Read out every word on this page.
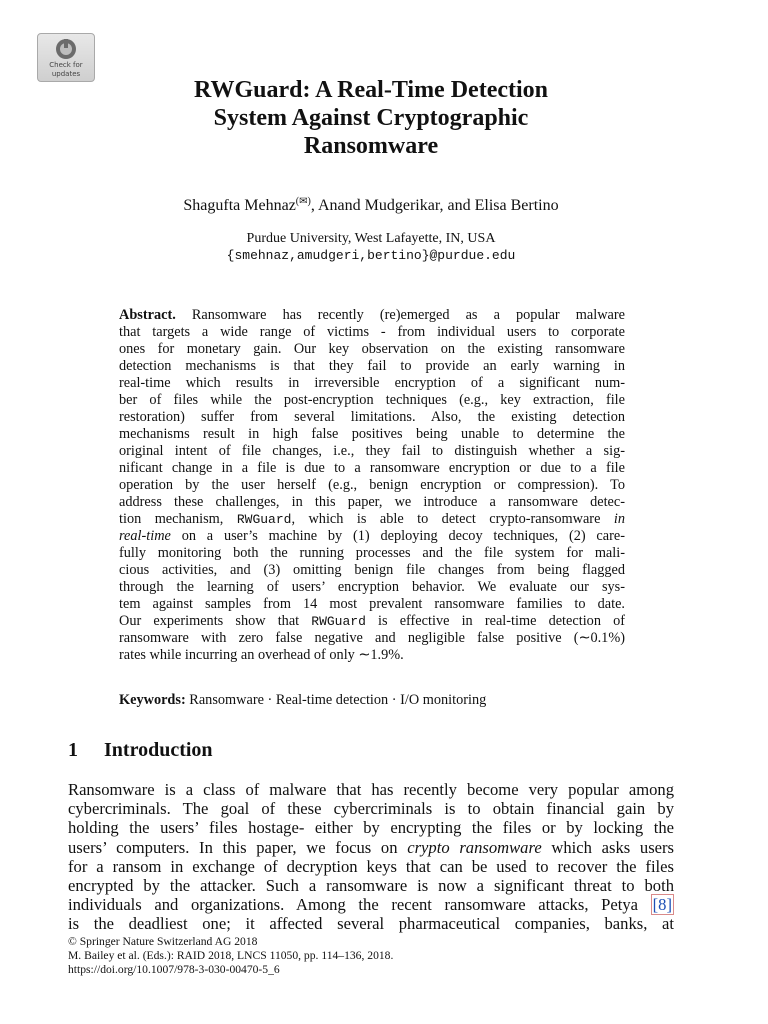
Check for
updates
RWGuard: A Real-Time Detection
System Against Cryptographic
Ransomware
Shagufta Mehnaz(✉), Anand Mudgerikar, and Elisa Bertino
Purdue University, West Lafayette, IN, USA
{smehnaz,amudgeri,bertino}@purdue.edu
Abstract. Ransomware has recently (re)emerged as a popular malware
that targets a wide range of victims - from individual users to corporate
ones for monetary gain. Our key observation on the existing ransomware
detection mechanisms is that they fail to provide an early warning in
real-time which results in irreversible encryption of a significant num-
ber of files while the post-encryption techniques (e.g., key extraction, file
restoration) suffer from several limitations. Also, the existing detection
mechanisms result in high false positives being unable to determine the
original intent of file changes, i.e., they fail to distinguish whether a sig-
nificant change in a file is due to a ransomware encryption or due to a file
operation by the user herself (e.g., benign encryption or compression). To
address these challenges, in this paper, we introduce a ransomware detec-
tion mechanism, RWGuard, which is able to detect crypto-ransomware in
real-time on a user’s machine by (1) deploying decoy techniques, (2) care-
fully monitoring both the running processes and the file system for mali-
cious activities, and (3) omitting benign file changes from being flagged
through the learning of users’ encryption behavior. We evaluate our sys-
tem against samples from 14 most prevalent ransomware families to date.
Our experiments show that RWGuard is effective in real-time detection of
ransomware with zero false negative and negligible false positive (∼0.1%)
rates while incurring an overhead of only ∼1.9%.
Keywords: Ransomware · Real-time detection · I/O monitoring
1 Introduction
Ransomware is a class of malware that has recently become very popular among
cybercriminals. The goal of these cybercriminals is to obtain financial gain by
holding the users’ files hostage- either by encrypting the files or by locking the
users’ computers. In this paper, we focus on crypto ransomware which asks users
for a ransom in exchange of decryption keys that can be used to recover the files
encrypted by the attacker. Such a ransomware is now a significant threat to both
individuals and organizations. Among the recent ransomware attacks, Petya [8]
is the deadliest one; it affected several pharmaceutical companies, banks, at
© Springer Nature Switzerland AG 2018
M. Bailey et al. (Eds.): RAID 2018, LNCS 11050, pp. 114–136, 2018.
https://doi.org/10.1007/978-3-030-00470-5_6
